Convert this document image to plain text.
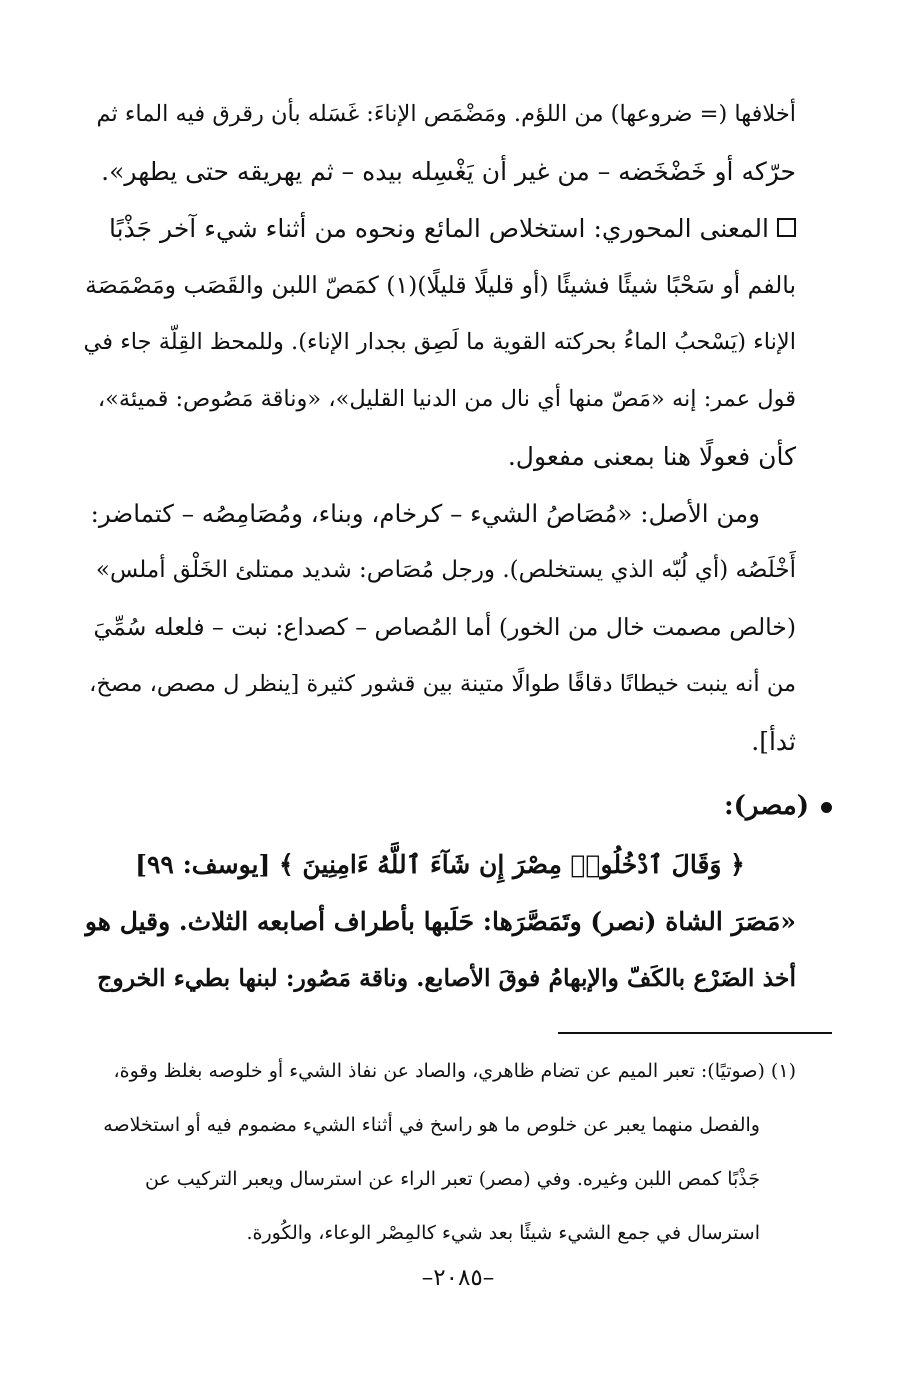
أخلافها (= ضروعها) من اللؤم. ومَضْمَص الإناءَ: غَسَله بأن رقرق فيه الماء ثم
حرّكه أو خَضْخَضه – من غير أن يَغْسِله بيده – ثم يهريقه حتى يطهر».
المعنى المحوري: استخلاص المائع ونحوه من أثناء شيء آخر جَذْبًا
بالفم أو سَحْبًا شيئًا فشيئًا (أو قليلًا قليلًا)(١) كمَصّ اللبن والقَصَب ومَصْمَصَة
الإناء (يَسْحبُ الماءُ بحركته القوية ما لَصِق بجدار الإناء). وللمحظ القِلّة جاء في
قول عمر: إنه «مَصّ منها أي نال من الدنيا القليل»، «وناقة مَصُوص: قميئة»،
كأن فعولًا هنا بمعنى مفعول.
ومن الأصل: «مُصَاصُ الشيء – كرخام، وبناء، ومُصَامِصُه – كتماضر:
أَخْلَصُه (أي لُبّه الذي يستخلص). ورجل مُصَاص: شديد ممتلئ الخَلْق أملس»
(خالص مصمت خال من الخور) أما المُصاص – كصداع: نبت – فلعله سُمِّيَ
من أنه ينبت خيطانًا دقاقًا طوالًا متينة بين قشور كثيرة [ينظر ل مصص، مصخ،
ثدأ].
(مصر):
﴿ وَقَالَ ٱدْخُلُوا۟ مِصْرَ إِن شَآءَ ٱللَّهُ ءَامِنِينَ ﴾ [يوسف: ٩٩]
«مَصَرَ الشاة (نصر) وتَمَصَّرَها: حَلَبها بأطراف أصابعه الثلاث. وقيل هو
أخذ الضَرْع بالكَفّ والإبهامُ فوقَ الأصابع. وناقة مَصُور: لبنها بطيء الخروج
(١) (صوتيًا): تعبر الميم عن تضام ظاهري، والصاد عن نفاذ الشيء أو خلوصه بغلظ وقوة،
والفصل منهما يعبر عن خلوص ما هو راسخ في أثناء الشيء مضموم فيه أو استخلاصه
جَذْبًا كمص اللبن وغيره. وفي (مصر) تعبر الراء عن استرسال ويعبر التركيب عن
استرسال في جمع الشيء شيئًا بعد شيء كالمِصْر الوعاء، والكُورة.
–٢٠٨٥–
